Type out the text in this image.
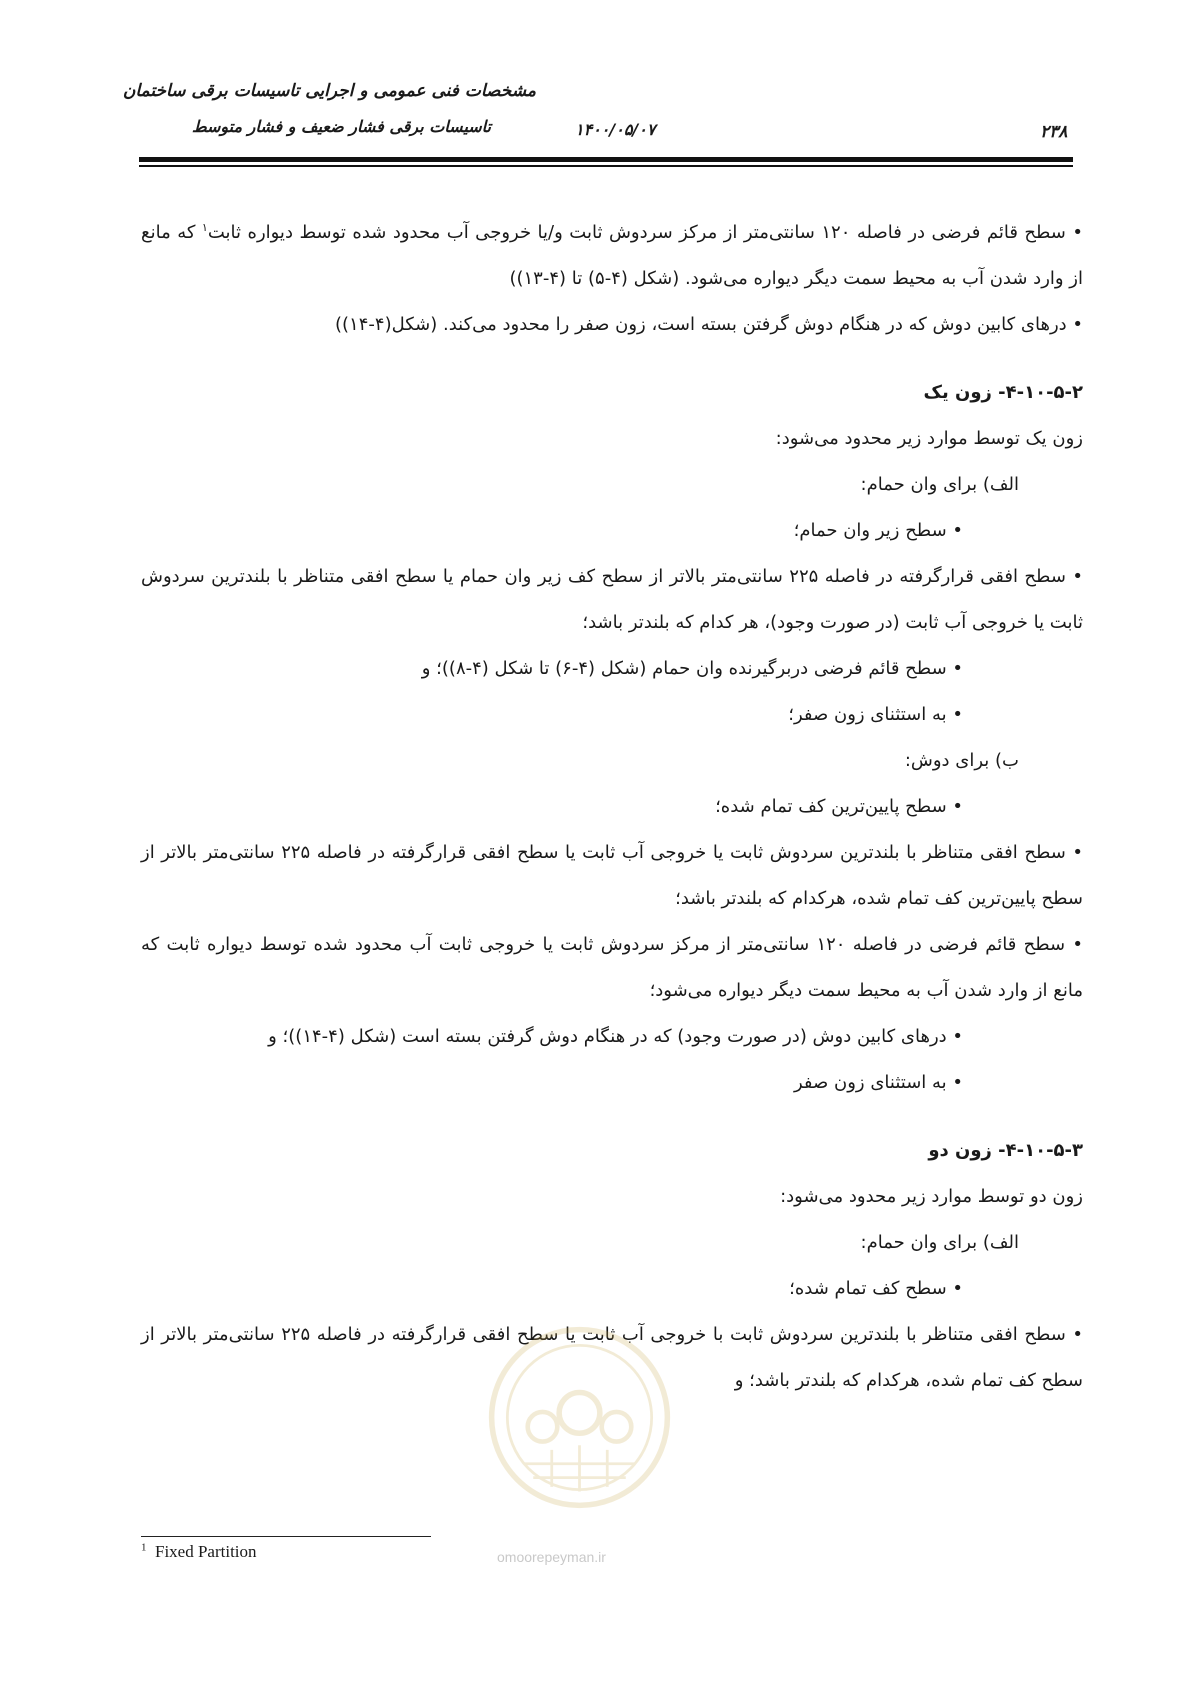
مشخصات فنی عمومی و اجرایی تاسیسات برقی ساختمان
تاسیسات برقی فشار ضعیف و فشار متوسط	۱۴۰۰/۰۵/۰۷	۲۳۸

• سطح قائم فرضی در فاصله ۱۲۰ سانتی‌متر از مرکز سردوش ثابت و/یا خروجی آب محدود شده توسط دیواره ثابت$^۱$ که مانع از وارد شدن آب به محیط سمت دیگر دیواره می‌شود. (شکل (۴-۵) تا (۴-۱۳))

• درهای کابین دوش که در هنگام دوش گرفتن بسته است، زون صفر را محدود می‌کند. (شکل(۴-۱۴))

۴-۱۰-۵-۲- زون یک

زون یک توسط موارد زیر محدود می‌شود:

الف) برای وان حمام:

• سطح زیر وان حمام؛

• سطح افقی قرارگرفته در فاصله ۲۲۵ سانتی‌متر بالاتر از سطح کف زیر وان حمام یا سطح افقی متناظر با بلندترین سردوش ثابت یا خروجی آب ثابت (در صورت وجود)، هر کدام که بلندتر باشد؛

• سطح قائم فرضی دربرگیرنده وان حمام (شکل (۴-۶) تا شکل (۴-۸))؛ و

• به استثنای زون صفر؛

ب) برای دوش:

• سطح پایین‌ترین کف تمام شده؛

• سطح افقی متناظر با بلندترین سردوش ثابت یا خروجی آب ثابت یا سطح افقی قرارگرفته در فاصله ۲۲۵ سانتی‌متر بالاتر از سطح پایین‌ترین کف تمام شده، هرکدام که بلندتر باشد؛

• سطح قائم فرضی در فاصله ۱۲۰ سانتی‌متر از مرکز سردوش ثابت یا خروجی ثابت آب محدود شده توسط دیواره ثابت که مانع از وارد شدن آب به محیط سمت دیگر دیواره می‌شود؛

• درهای کابین دوش (در صورت وجود) که در هنگام دوش گرفتن بسته است (شکل (۴-۱۴))؛ و

• به استثنای زون صفر

۴-۱۰-۵-۳- زون دو

زون دو توسط موارد زیر محدود می‌شود:

الف) برای وان حمام:

• سطح کف تمام شده؛

• سطح افقی متناظر با بلندترین سردوش ثابت با خروجی آب ثابت یا سطح افقی قرارگرفته در فاصله ۲۲۵ سانتی‌متر بالاتر از سطح کف تمام شده، هرکدام که بلندتر باشد؛ و

omoorepeyman.ir
$^1$ Fixed Partition
